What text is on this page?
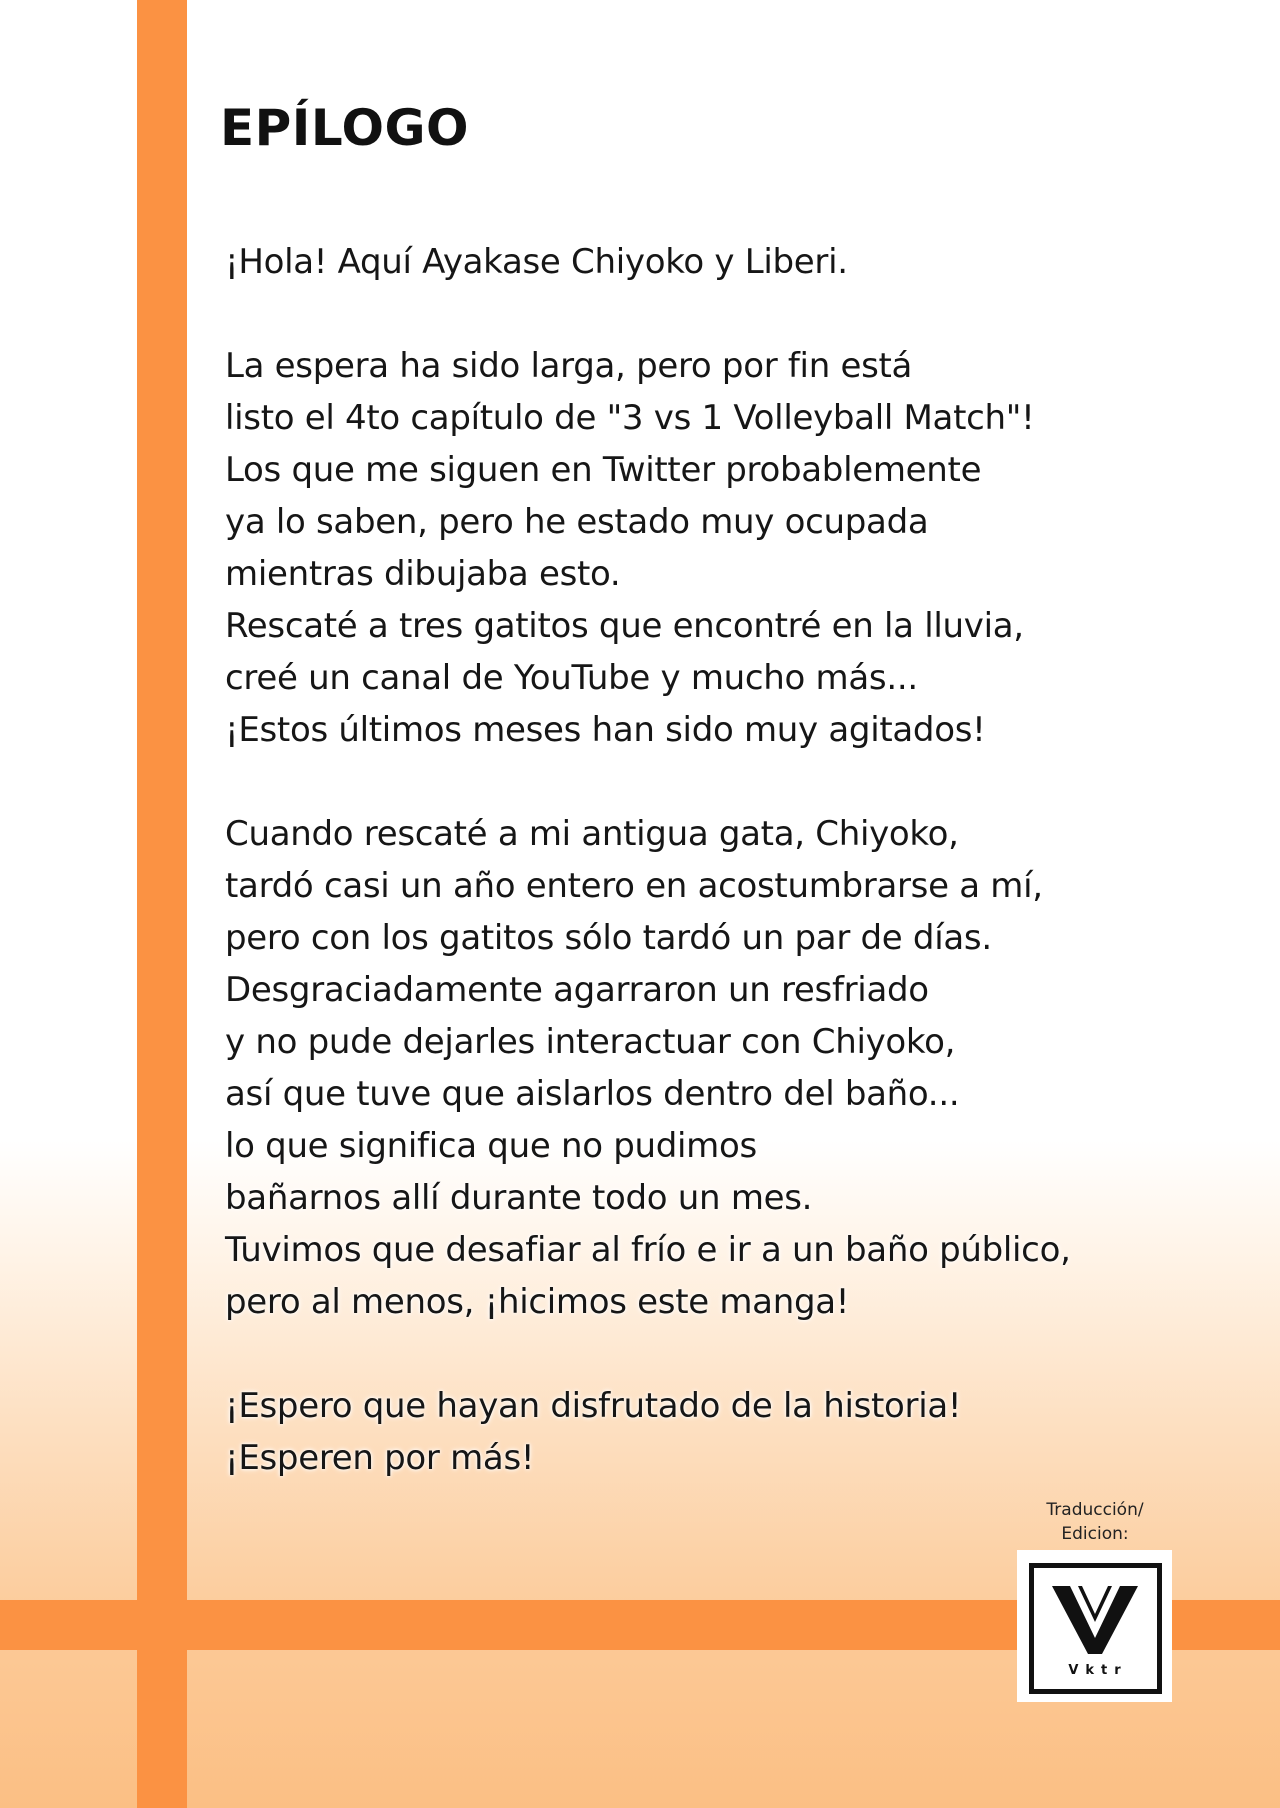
EPÍLOGO
¡Hola! Aquí Ayakase Chiyoko y Liberi.
La espera ha sido larga, pero por fin está
listo el 4to capítulo de "3 vs 1 Volleyball Match"!
Los que me siguen en Twitter probablemente
ya lo saben, pero he estado muy ocupada
mientras dibujaba esto.
Rescaté a tres gatitos que encontré en la lluvia,
creé un canal de YouTube y mucho más...
¡Estos últimos meses han sido muy agitados!
Cuando rescaté a mi antigua gata, Chiyoko,
tardó casi un año entero en acostumbrarse a mí,
pero con los gatitos sólo tardó un par de días.
Desgraciadamente agarraron un resfriado
y no pude dejarles interactuar con Chiyoko,
así que tuve que aislarlos dentro del baño...
lo que significa que no pudimos
bañarnos allí durante todo un mes.
Tuvimos que desafiar al frío e ir a un baño público,
pero al menos, ¡hicimos este manga!
¡Espero que hayan disfrutado de la historia!
¡Esperen por más!
Traducción/
Edicion:
Vktr
